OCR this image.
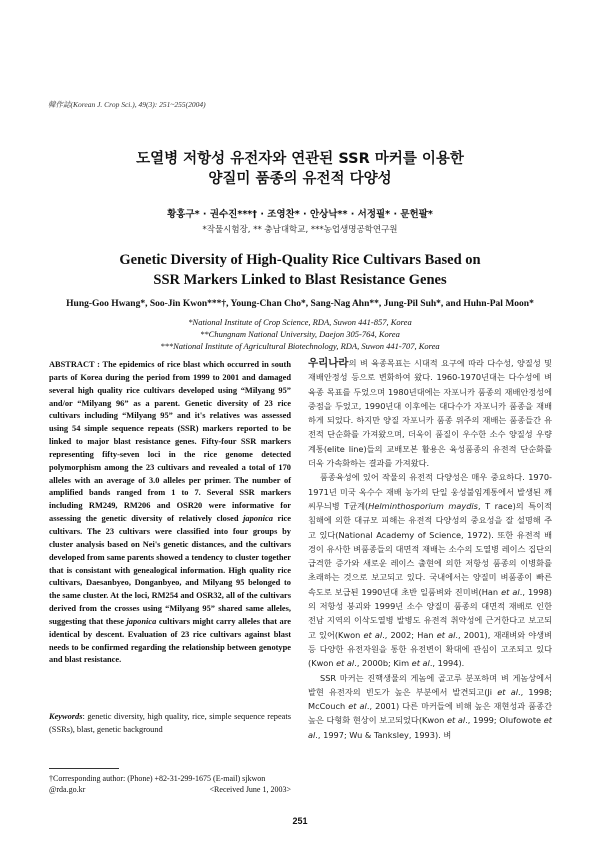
韓作誌(Korean J. Crop Sci.), 49(3): 251~255(2004)
도열병 저항성 유전자와 연관된 SSR 마커를 이용한
양질미 품종의 유전적 다양성
황홍구* · 권수진***† · 조영찬* · 안상낙** · 서정필* · 문헌팔*
*작물시험장, ** 충남대학교, ***농업생명공학연구원
Genetic Diversity of High-Quality Rice Cultivars Based on
SSR Markers Linked to Blast Resistance Genes
Hung-Goo Hwang*, Soo-Jin Kwon***†, Young-Chan Cho*, Sang-Nag Ahn**, Jung-Pil Suh*, and Huhn-Pal Moon*
*National Institute of Crop Science, RDA, Suwon 441-857, Korea
**Chungnam National University, Daejon 305-764, Korea
***National Institute of Agricultural Biotechnology, RDA, Suwon 441-707, Korea
ABSTRACT : The epidemics of rice blast which occurred in south parts of Korea during the period from 1999 to 2001 and damaged several high quality rice cultivars developed using “Milyang 95” and/or “Milyang 96” as a parent. Genetic diversity of 23 rice cultivars including “Milyang 95” and it's relatives was assessed using 54 simple sequence repeats (SSR) markers reported to be linked to major blast resistance genes. Fifty-four SSR markers representing fifty-seven loci in the rice genome detected polymorphism among the 23 cultivars and revealed a total of 170 alleles with an average of 3.0 alleles per primer. The number of amplified bands ranged from 1 to 7. Several SSR markers including RM249, RM206 and OSR20 were informative for assessing the genetic diversity of relatively closed japonica rice cultivars. The 23 cultivars were classified into four groups by cluster analysis based on Nei's genetic distances, and the cultivars developed from same parents showed a tendency to cluster together that is consistant with genealogical information. High quality rice cultivars, Daesanbyeo, Donganbyeo, and Milyang 95 belonged to the same cluster. At the loci, RM254 and OSR32, all of the cultivars derived from the crosses using “Milyang 95” shared same alleles, suggesting that these japonica cultivars might carry alleles that are identical by descent. Evaluation of 23 rice cultivars against blast needs to be confirmed regarding the relationship between genotype and blast resistance.
Keywords: genetic diversity, high quality, rice, simple sequence repeats (SSRs), blast, genetic background
†Corresponding author: (Phone) +82-31-299-1675 (E-mail) sjkwon
@rda.go.kr	<Received June 1, 2003>

우리나라의 벼 육종목표는 시대적 요구에 따라 다수성, 양질성 및 재배안정성 등으로 변화하여 왔다. 1960-1970년대는 다수성에 벼 육종 목표를 두었으며 1980년대에는 자포니카 품종의 재배안정성에 중점을 두었고, 1990년대 이후에는 대다수가 자포니카 품종을 재배하게 되었다. 하지만 양질 자포니카 품종 위주의 재배는 품종들간 유전적 단순화를 가져왔으며, 더욱이 품질이 우수한 소수 양질성 우량계통(elite line)들의 교배모본 활용은 육성품종의 유전적 단순화를 더욱 가속화하는 결과를 가져왔다.

품종육성에 있어 작물의 유전적 다양성은 매우 중요하다. 1970-1971년 미국 옥수수 재배 농가의 단일 웅성불임계통에서 발생된 깨씨무늬병 T균계(Helminthosporium maydis, T race)의 특이적 침해에 의한 대규모 피해는 유전적 다양성의 중요성을 잘 설명해 주고 있다(National Academy of Science, 1972). 또한 유전적 배경이 유사한 벼품종들의 대면적 재배는 소수의 도열병 레이스 집단의 급격한 증가와 새로운 레이스 출현에 의한 저항성 품종의 이병화를 초래하는 것으로 보고되고 있다. 국내에서는 양질미 벼품종이 빠른 속도로 보급된 1990년대 초반 일품벼와 진미벼(Han et al., 1998)의 저항성 붕괴와 1999년 소수 양질미 품종의 대면적 재배로 인한 전남 지역의 이삭도열병 발병도 유전적 취약성에 근거한다고 보고되고 있어(Kwon et al., 2002; Han et al., 2001), 재래벼와 야생벼 등 다양한 유전자원을 통한 유전변이 확대에 관심이 고조되고 있다(Kwon et al., 2000b; Kim et al., 1994).

SSR 마커는 진핵생물의 게놈에 골고루 분포하며 벼 게놈상에서 발현 유전자의 빈도가 높은 부분에서 발견되고(Ji et al., 1998; McCouch et al., 2001) 다른 마커들에 비해 높은 재현성과 품종간 높은 다형화 현상이 보고되었다(Kwon et al., 1999; Olufowote et al., 1997; Wu & Tanksley, 1993). 벼

251
